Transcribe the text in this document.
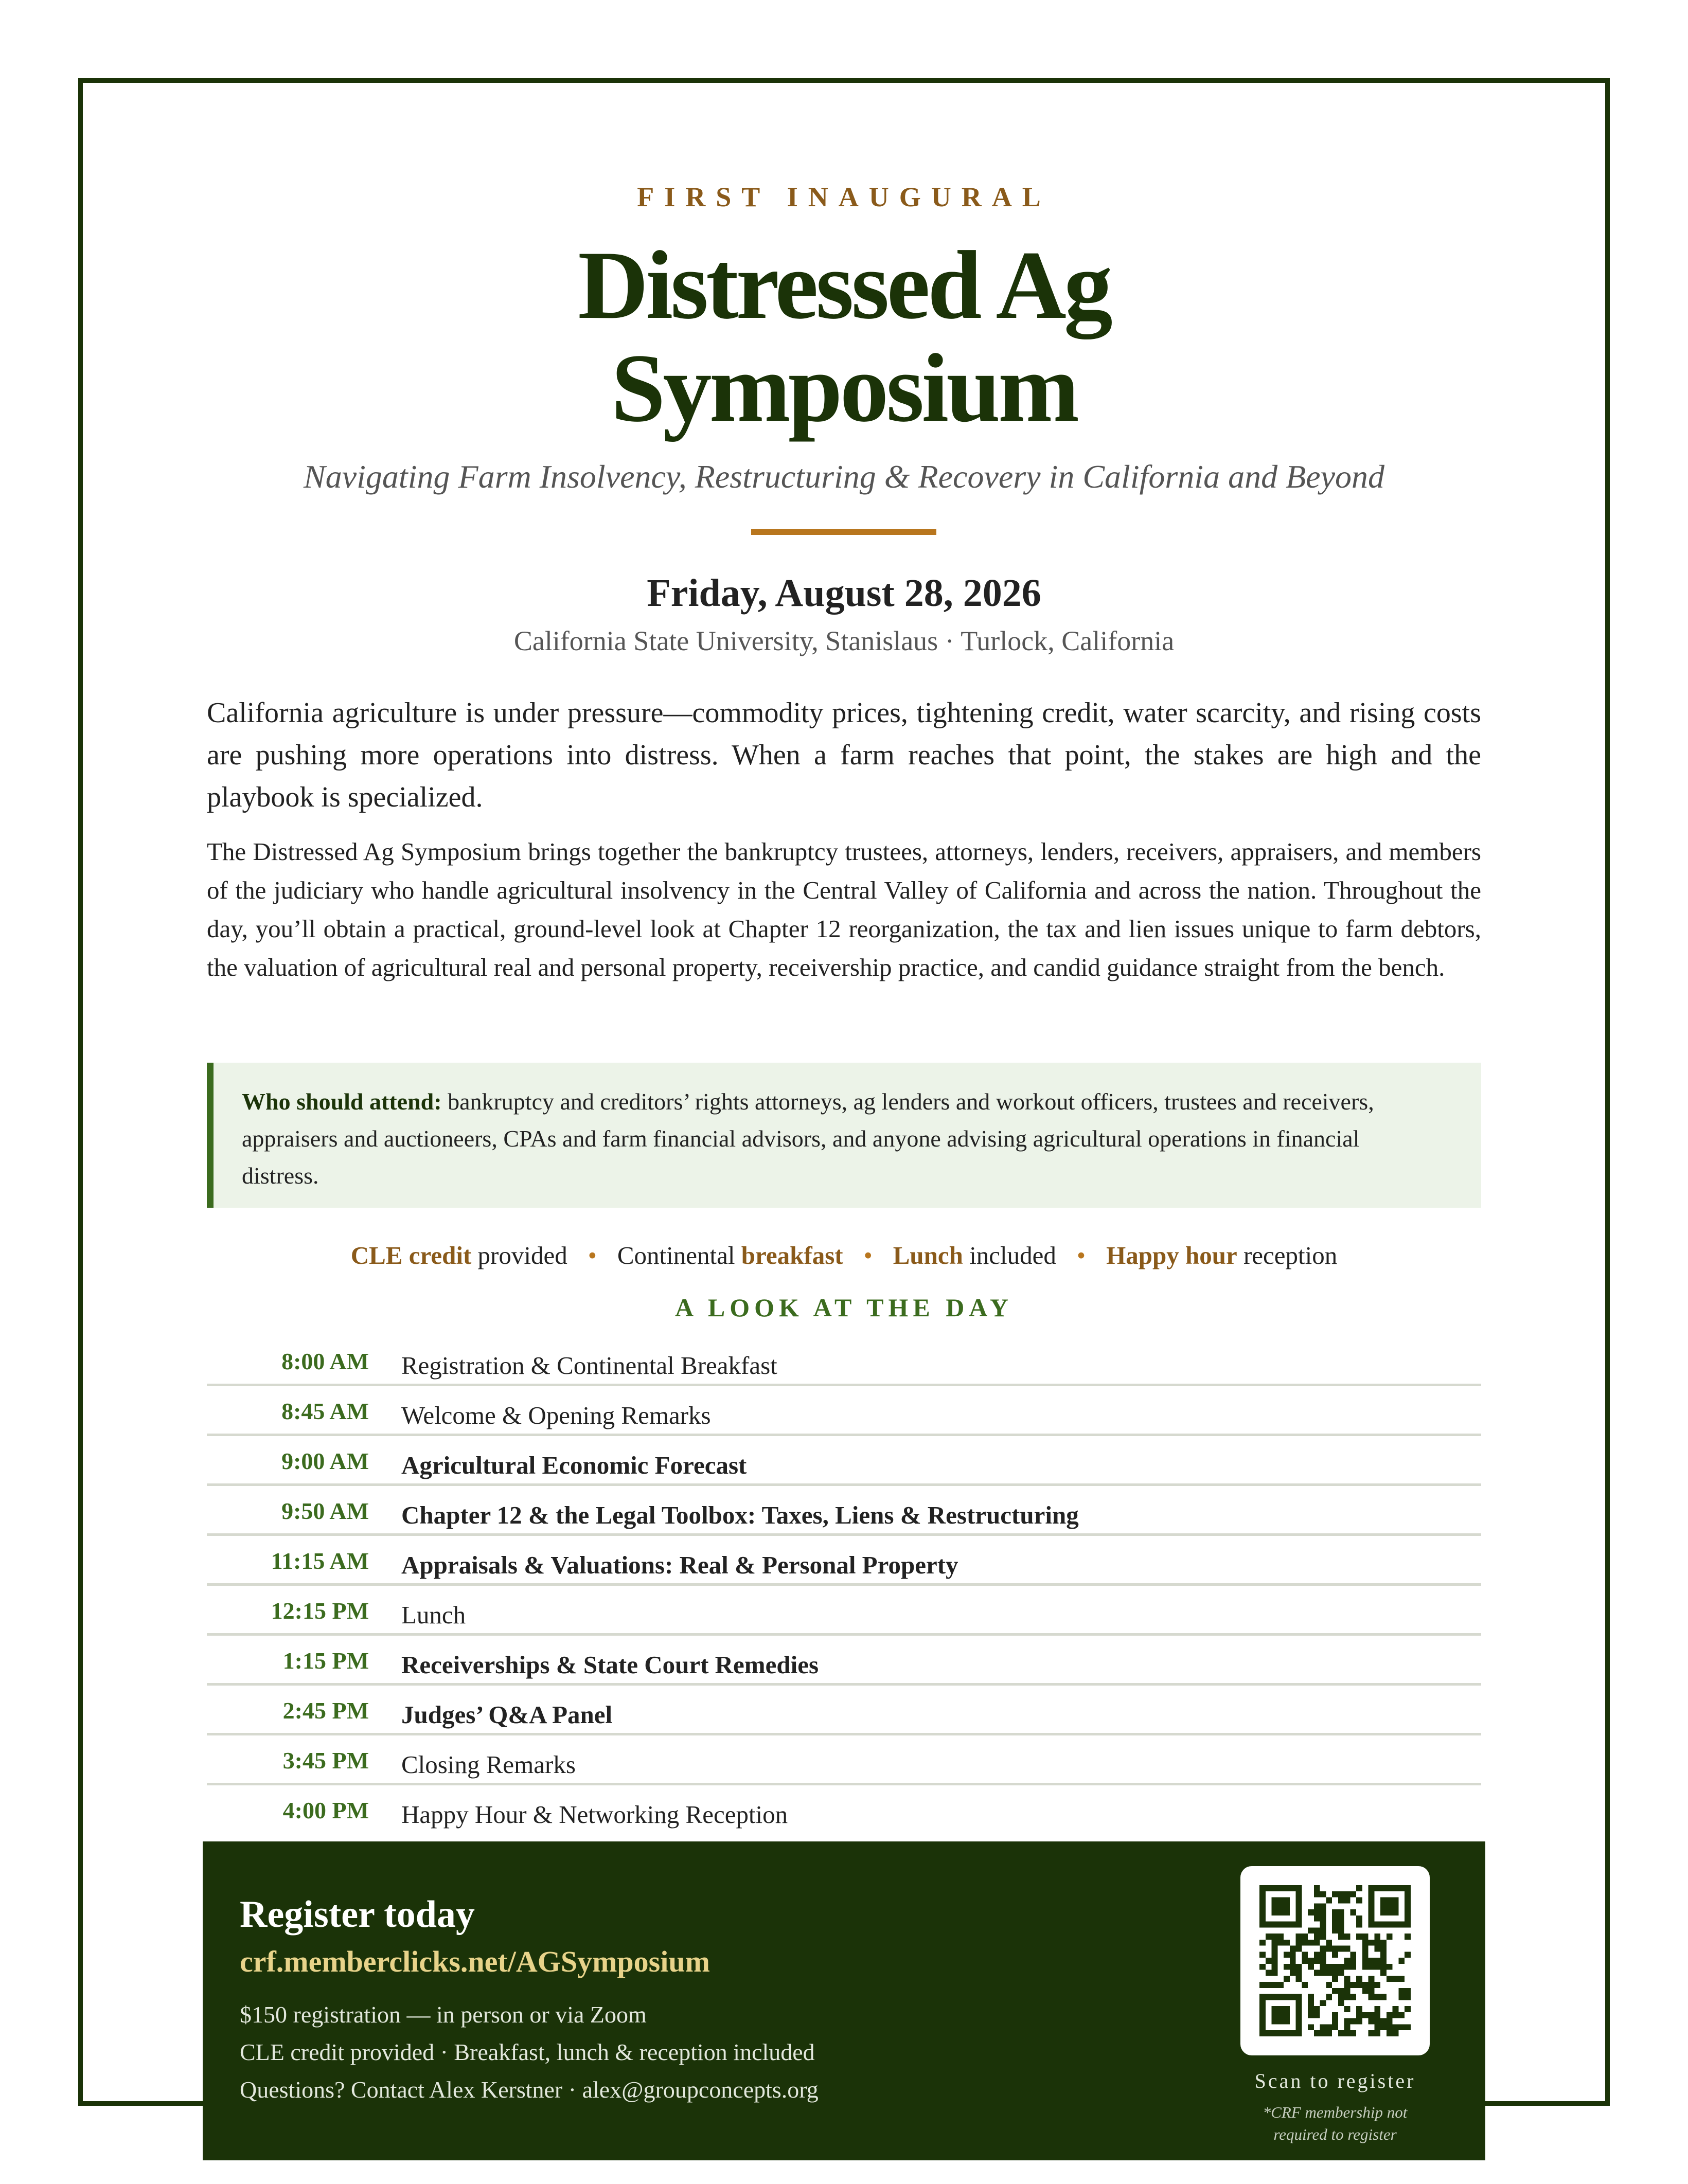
FIRST INAUGURAL
Distressed Ag
Symposium
Navigating Farm Insolvency, Restructuring & Recovery in California and Beyond
Friday, August 28, 2026
California State University, Stanislaus · Turlock, California
California agriculture is under pressure—commodity prices, tightening credit, water scarcity, and rising costs are pushing more operations into distress. When a farm reaches that point, the stakes are high and the playbook is specialized.
The Distressed Ag Symposium brings together the bankruptcy trustees, attorneys, lenders, receivers, appraisers, and members of the judiciary who handle agricultural insolvency in the Central Valley of California and across the nation. Throughout the day, you’ll obtain a practical, ground-level look at Chapter 12 reorganization, the tax and lien issues unique to farm debtors, the valuation of agricultural real and personal property, receivership practice, and candid guidance straight from the bench.
Who should attend: bankruptcy and creditors’ rights attorneys, ag lenders and workout officers, trustees and receivers, appraisers and auctioneers, CPAs and farm financial advisors, and anyone advising agricultural operations in financial distress.
CLE credit provided • Continental breakfast • Lunch included • Happy hour reception
A LOOK AT THE DAY
8:00 AM Registration & Continental Breakfast
8:45 AM Welcome & Opening Remarks
9:00 AM Agricultural Economic Forecast
9:50 AM Chapter 12 & the Legal Toolbox: Taxes, Liens & Restructuring
11:15 AM Appraisals & Valuations: Real & Personal Property
12:15 PM Lunch
1:15 PM Receiverships & State Court Remedies
2:45 PM Judges’ Q&A Panel
3:45 PM Closing Remarks
4:00 PM Happy Hour & Networking Reception
Register today
crf.memberclicks.net/AGSymposium
$150 registration — in person or via Zoom
CLE credit provided · Breakfast, lunch & reception included
Questions? Contact Alex Kerstner · alex@groupconcepts.org	Scan to register
*CRF membership not
required to register
